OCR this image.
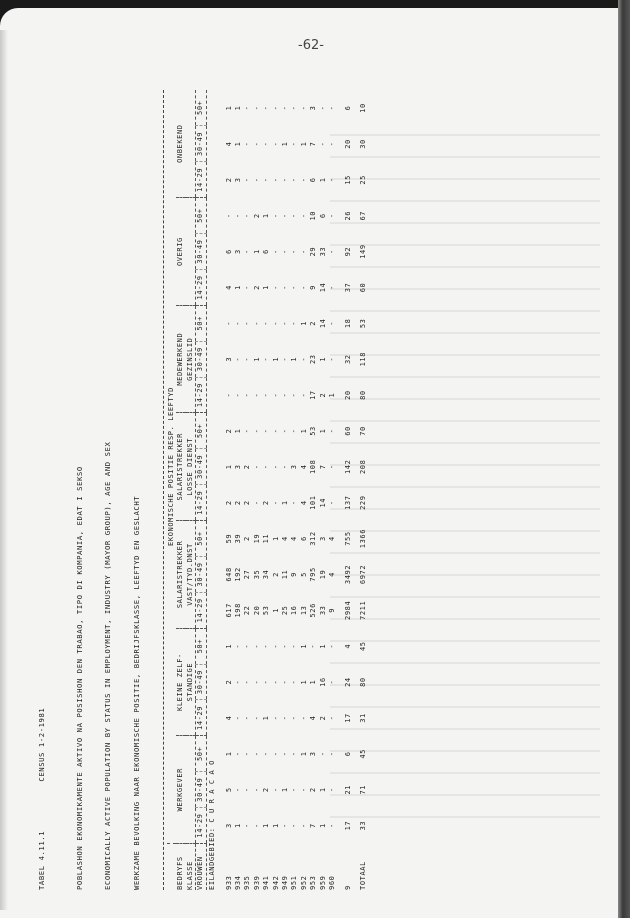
-62-

TABEL 4.11.1          CENSUS 1-2-1981

	POBLASHON EKONOMIKAMENTE AKTIVO NA POSISHON DEN TRABAO, TIPO DI KOMPANIA, EDAT I SEKSO

	ECONOMICALLY ACTIVE POPULATION BY STATUS IN EMPLOYMENT, INDUSTRY (MAYOR GROUP), AGE AND SEX

	WERKZAME BEVOLKING NAAR EKONOMISCHE POSITIE, BEDRIJFSKLASSE, LEEFTYD EN GESLACHT

	EKONOMISCHE POSITIE RESP. LEEFTYD																				
BEDRYFS	WERKGEVER			KLEINE ZELF-			SALARISTREKKER			SALARISTREKKER			MEDEWERKEND			OVERIG			ONBEKEND		
KLASSE				STANDIGE			VAST/TYD.DNST			LOSSE DIENST			GEZINSLID								
VROUWEN	14-29	30-49	50+	14-29	30-49	50+	14-29	30-49	50+	14-29	30-49	50+	14-29	30-49	50+	14-29	30-49	50+	14-29	30-49	50+
EILANDGEBIED: C U R A C A O																					

933	3	5	1	4	2	1	617	648	59	2	1	2	-	3	-	4	6	-	2	4	1
934	1	-	-	-	-	-	198	192	39	2	3	1	-	-	-	1	3	-	3	1	1
935	-	-	-	-	-	-	22	27	2	2	2	-	-	-	-	-	-	-	-	-	-
939	-	-	-	-	-	-	20	35	19	-	-	-	-	1	-	2	1	2	-	-	-
941	1	2	-	1	-	-	53	34	11	2	-	-	-	-	-	1	6	1	-	-	-
942	1	-	-	-	-	-	1	2	1	-	-	-	-	1	-	-	-	-	-	-	-
949	-	1	-	-	-	-	25	11	4	1	-	-	-	-	-	-	-	-	-	1	-
951	-	-	-	-	-	-	16	9	4	-	3	-	-	1	-	-	-	-	-	-	-
952	-	-	1	-	1	1	13	5	6	4	4	1	-	-	1	-	-	-	-	1	-
953	7	2	3	4	1	-	526	795	312	101	108	53	17	23	2	9	29	10	6	7	3
959	1	1	-	2	16	1	33	19	3	14	7	1	2	1	14	14	33	6	1	-	-
960	-	-	-	-	-	-	9	4	4	-	-	-	1	-	-	-	-	-	-	-	-

9	17	21	6	17	24	4	2984	3492	755	137	142	60	20	32	18	37	92	26	15	20	6

TOTAAL	33	71	45	31	80	45	7211	6972	1366	229	208	70	80	118	53	60	149	67	25	30	10
